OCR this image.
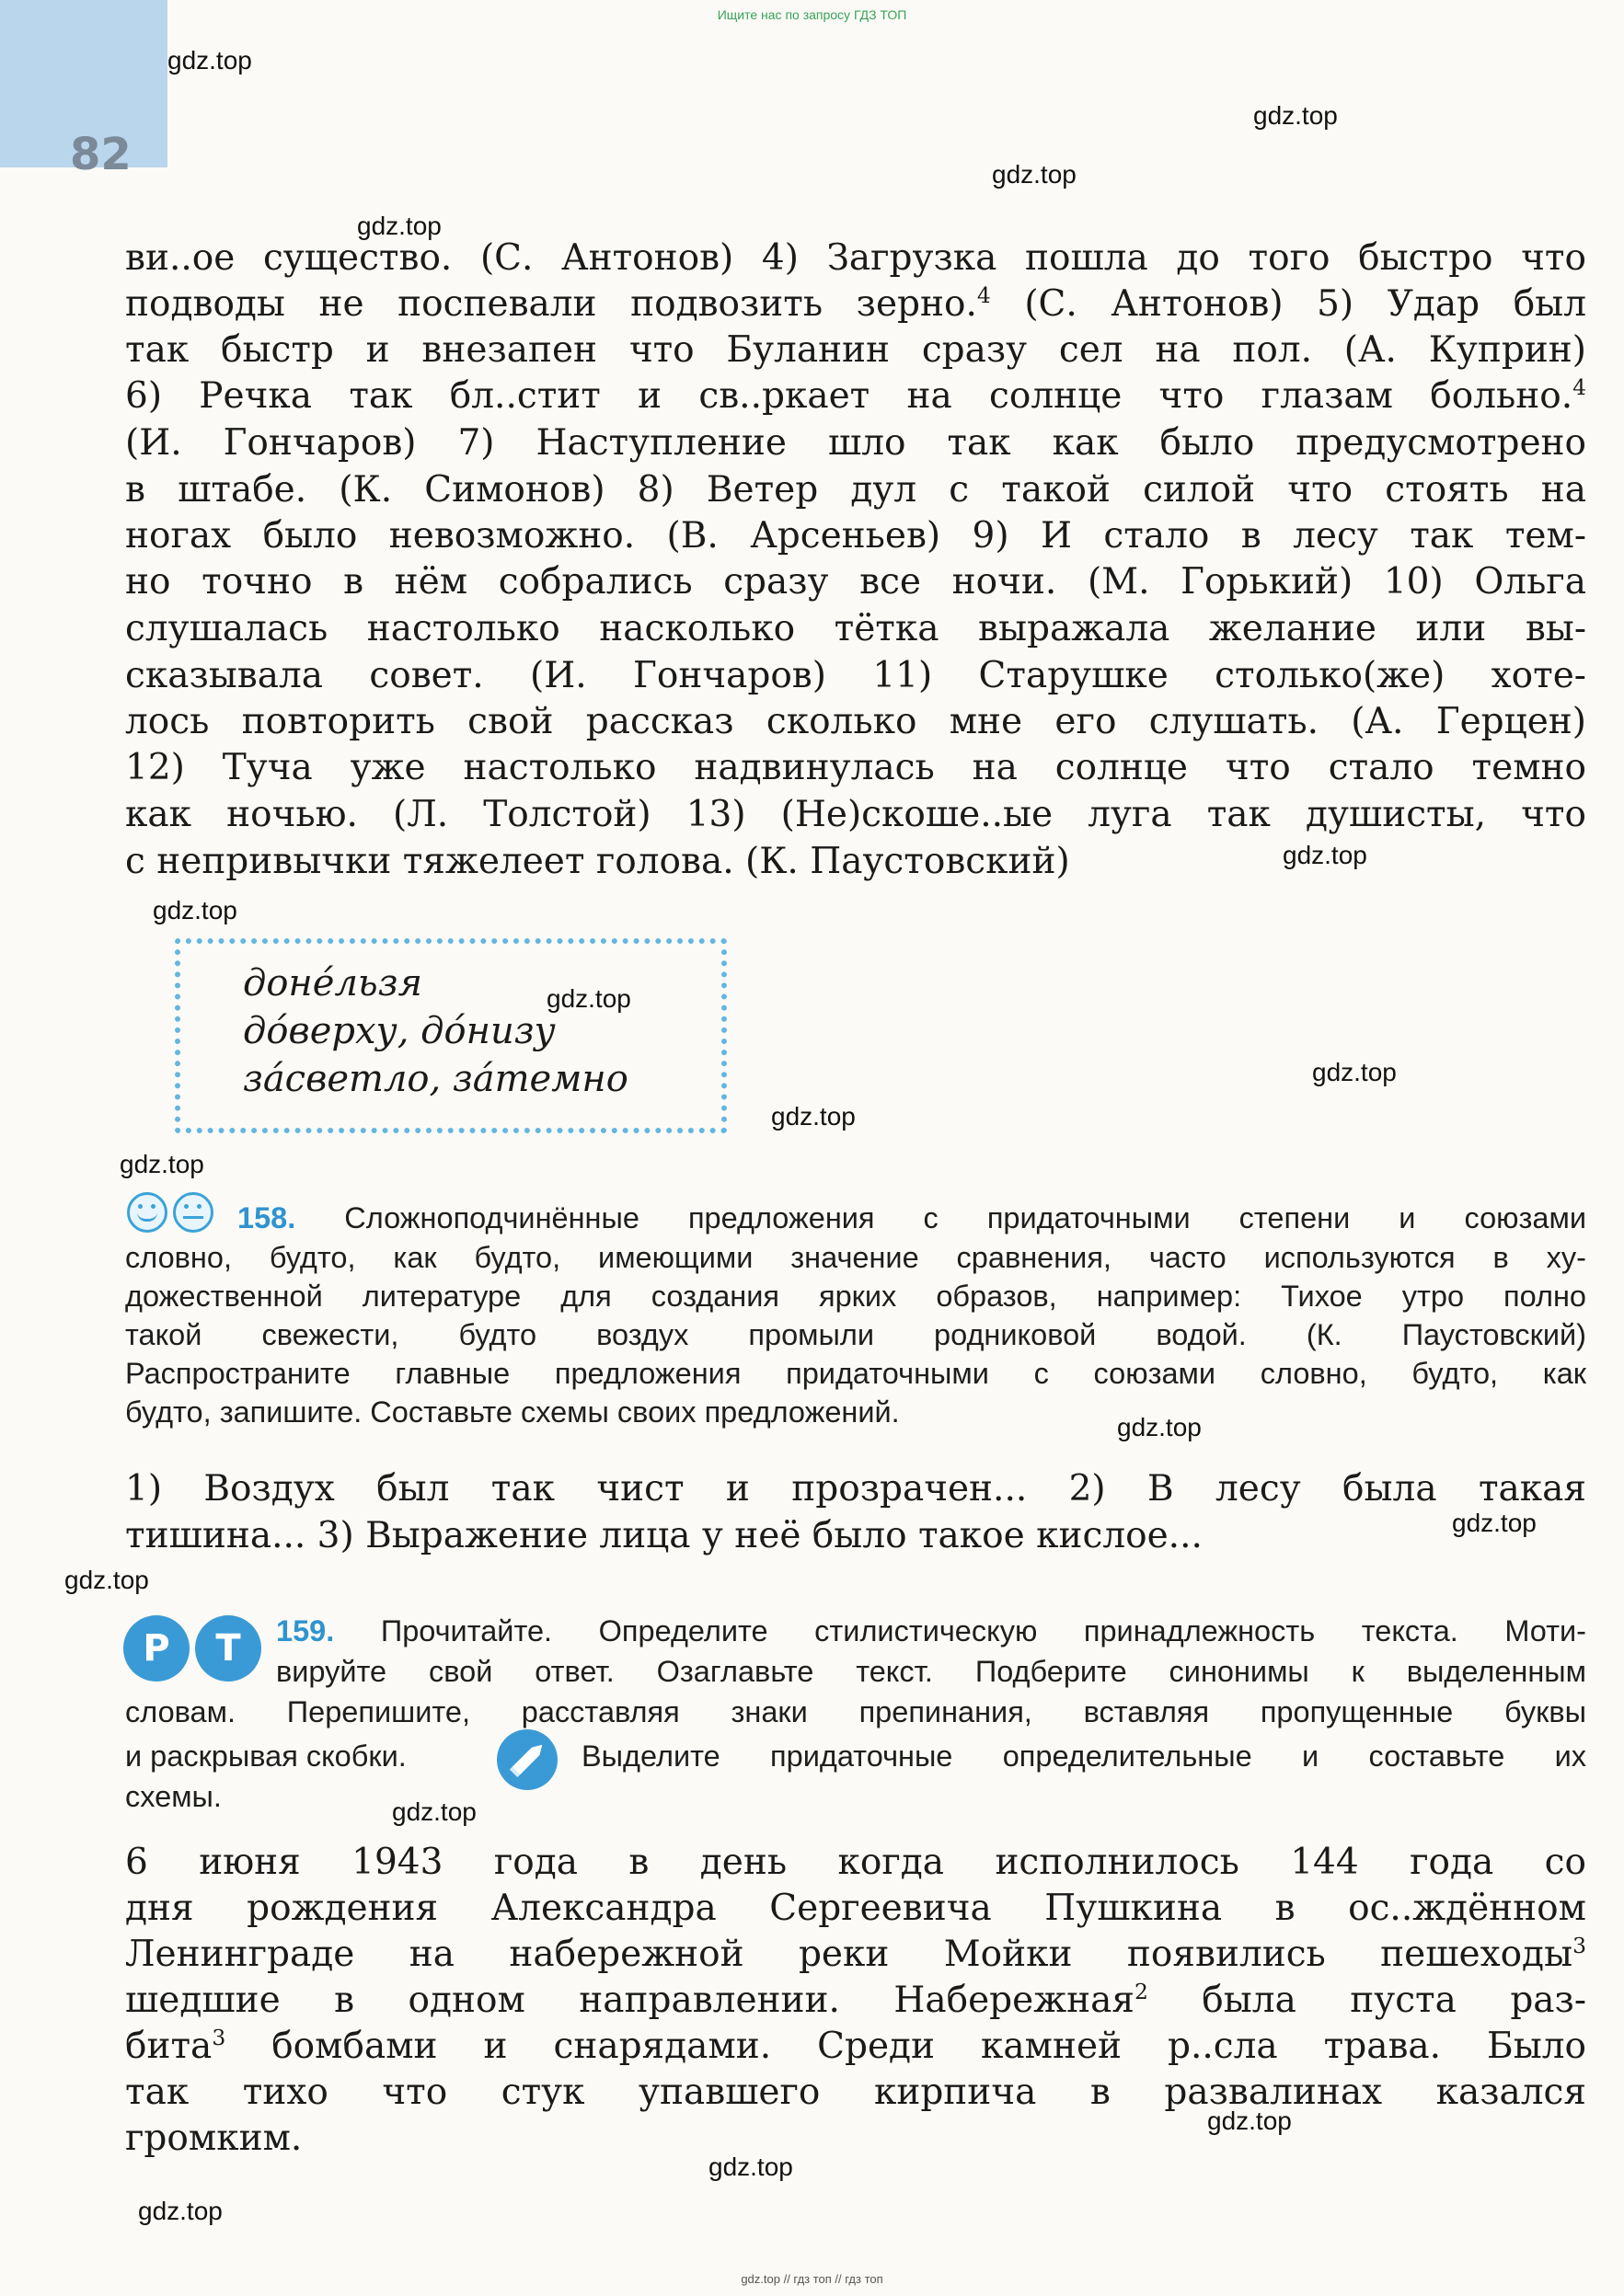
82
Ищите нас по запросу ГДЗ ТОП
gdz.top // гдз топ // гдз топ
gdz.top
gdz.top
gdz.top
gdz.top
gdz.top
gdz.top
gdz.top
gdz.top
gdz.top
gdz.top
gdz.top
gdz.top
gdz.top
gdz.top
gdz.top
gdz.top
gdz.top
ви..ое существо. (С. Антонов) 4) Загрузка пошла до того быстро что
подводы не поспевали подвозить зерно.$^4$ (С. Антонов) 5) Удар был
так быстр и внезапен что Буланин сразу сел на пол. (А. Куприн)
6) Речка так бл..стит и св..ркает на солнце что глазам больно.$^4$
(И. Гончаров) 7) Наступление шло так как было предусмотрено
в штабе. (К. Симонов) 8) Ветер дул с такой силой что стоять на
ногах было невозможно. (В. Арсеньев) 9) И стало в лесу так тем-
но точно в нём собрались сразу все ночи. (М. Горький) 10) Ольга
слушалась настолько насколько тётка выражала желание или вы-
сказывала совет. (И. Гончаров) 11) Старушке столько(же) хоте-
лось повторить свой рассказ сколько мне его слушать. (А. Герцен)
12) Туча уже настолько надвинулась на солнце что стало темно
как ночью. (Л. Толстой) 13) (Не)скоше..ые луга так душисты, что
с непривычки тяжелеет голова. (К. Паустовский)
доне́льзя
до́верху, до́низу
за́светло, за́темно
158. Сложноподчинённые предложения с придаточными степени и союзами
словно, будто, как будто, имеющими значение сравнения, часто используются в ху-
дожественной литературе для создания ярких образов, например: Тихое утро полно
такой свежести, будто воздух промыли родниковой водой. (К. Паустовский)
Распространите главные предложения придаточными с союзами словно, будто, как
будто, запишите. Составьте схемы своих предложений.
1) Воздух был так чист и прозрачен... 2) В лесу была такая
тишина... 3) Выражение лица у неё было такое кислое...
Р	Т	159. Прочитайте. Определите стилистическую принадлежность текста. Моти-
вируйте свой ответ. Озаглавьте текст. Подберите синонимы к выделенным
словам. Перепишите, расставляя знаки препинания, вставляя пропущенные буквы
и раскрывая скобки.	Выделите придаточные определительные и составьте их
схемы.
6 июня 1943 года в день когда исполнилось 144 года со
дня рождения Александра Сергеевича Пушкина в ос..ждённом
Ленинграде на набережной реки Мойки появились пешеходы$^3$
шедшие в одном направлении. Набережная$^2$ была пуста раз-
бита$^3$ бомбами и снарядами. Среди камней р..сла трава. Было
так тихо что стук упавшего кирпича в развалинах казался
громким.
